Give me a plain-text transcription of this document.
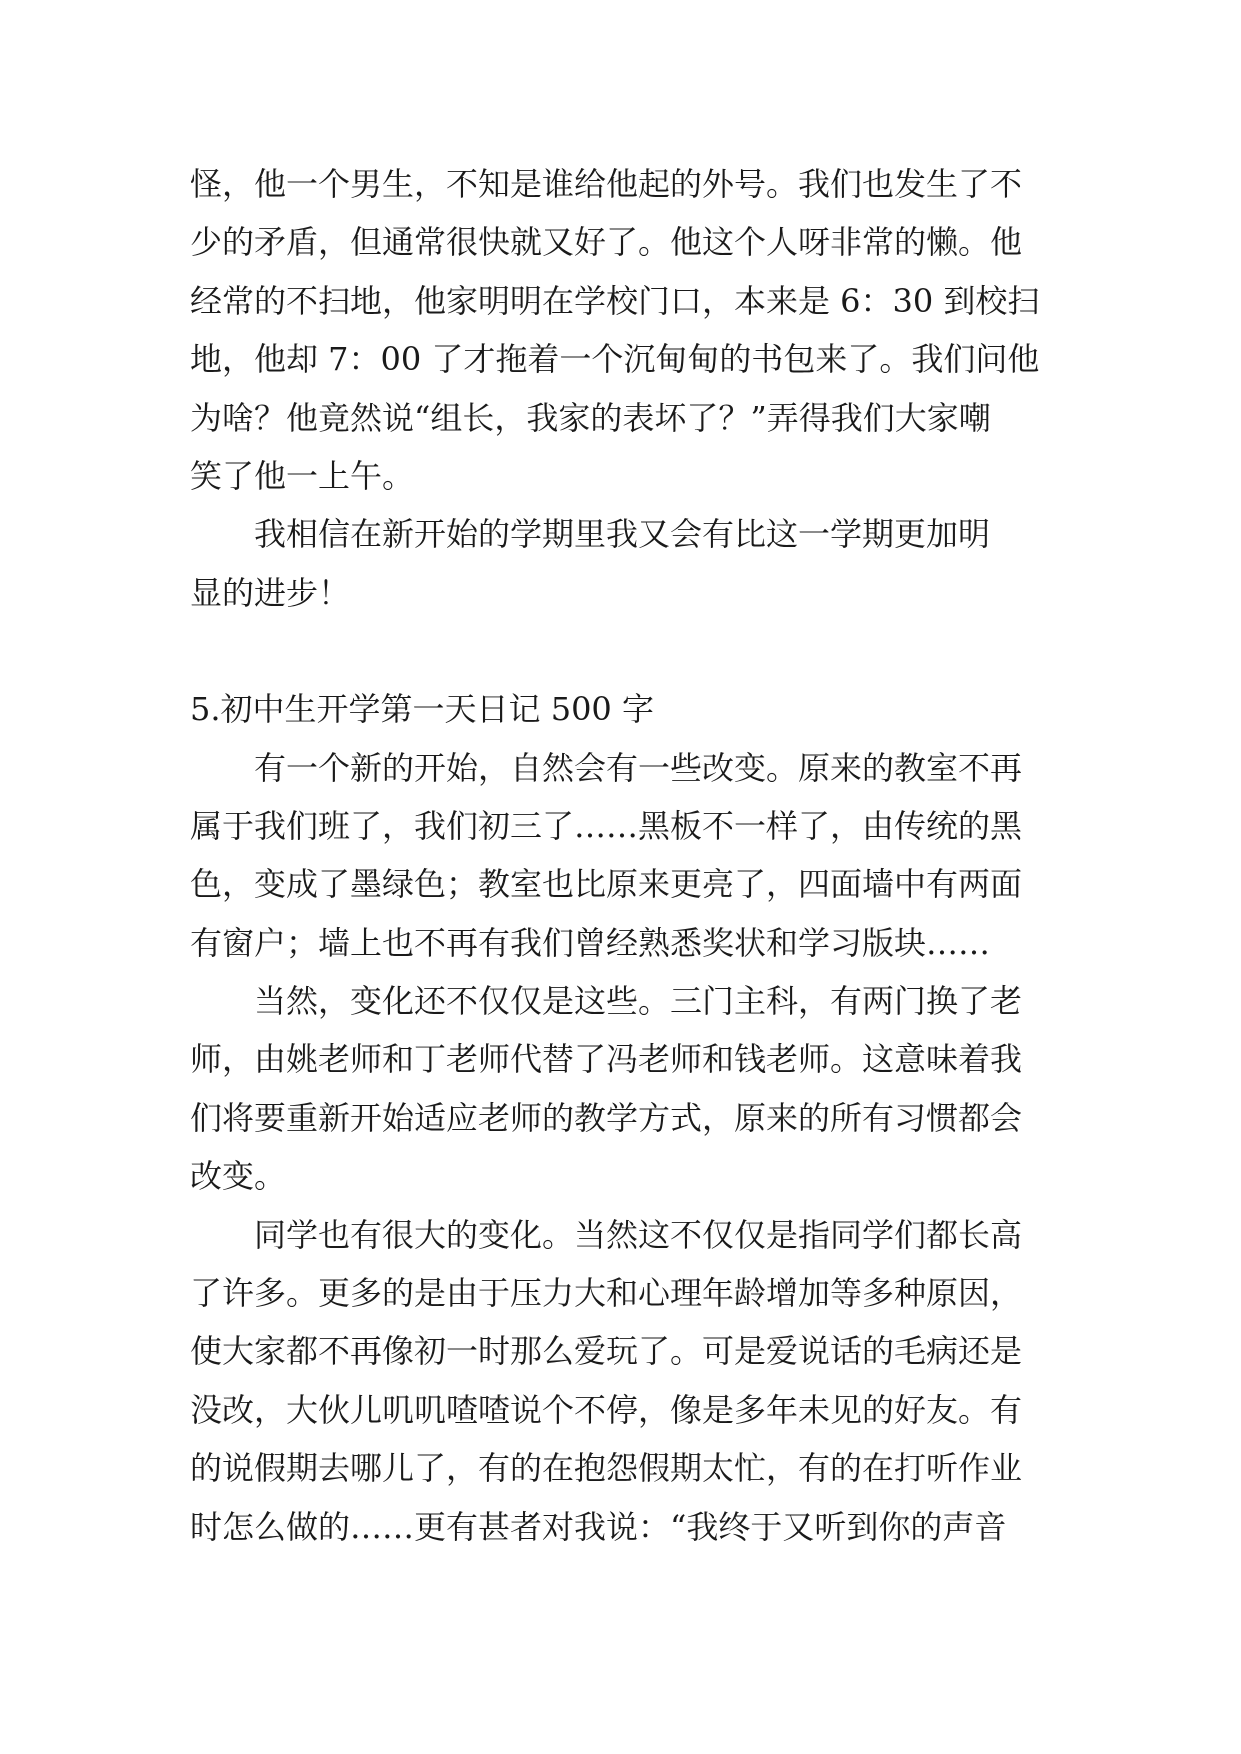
怪，他一个男生，不知是谁给他起的外号。我们也发生了不
少的矛盾，但通常很快就又好了。他这个人呀非常的懒。他
经常的不扫地，他家明明在学校门口，本来是 6：30 到校扫
地，他却 7：00 了才拖着一个沉甸甸的书包来了。我们问他
为啥？他竟然说“组长，我家的表坏了？”弄得我们大家嘲
笑了他一上午。
我相信在新开始的学期里我又会有比这一学期更加明
显的进步！
5.初中生开学第一天日记 500 字
有一个新的开始，自然会有一些改变。原来的教室不再
属于我们班了，我们初三了……黑板不一样了，由传统的黑
色，变成了墨绿色；教室也比原来更亮了，四面墙中有两面
有窗户；墙上也不再有我们曾经熟悉奖状和学习版块……
当然，变化还不仅仅是这些。三门主科，有两门换了老
师，由姚老师和丁老师代替了冯老师和钱老师。这意味着我
们将要重新开始适应老师的教学方式，原来的所有习惯都会
改变。
同学也有很大的变化。当然这不仅仅是指同学们都长高
了许多。更多的是由于压力大和心理年龄增加等多种原因，
使大家都不再像初一时那么爱玩了。可是爱说话的毛病还是
没改，大伙儿叽叽喳喳说个不停，像是多年未见的好友。有
的说假期去哪儿了，有的在抱怨假期太忙，有的在打听作业
时怎么做的……更有甚者对我说：“我终于又听到你的声音
